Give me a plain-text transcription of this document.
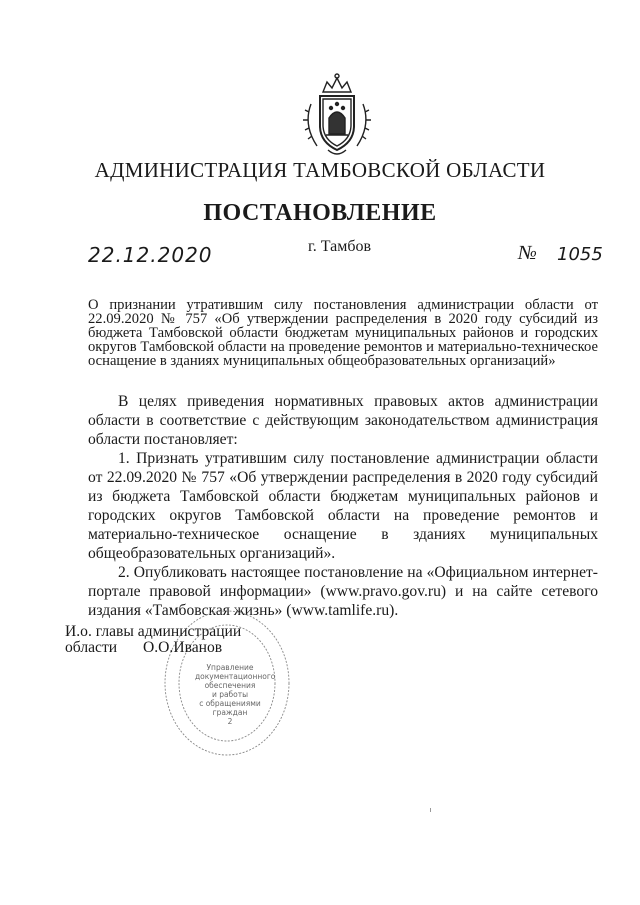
АДМИНИСТРАЦИЯ ТАМБОВСКОЙ ОБЛАСТИ
ПОСТАНОВЛЕНИЕ
22.12.2020	г. Тамбов	№ 1055
О признании утратившим силу постановления администрации области от 22.09.2020 № 757 «Об утверждении распределения в 2020 году субсидий из бюджета Тамбовской области бюджетам муниципальных районов и городских округов Тамбовской области на проведение ремонтов и материально-техническое оснащение в зданиях муниципальных общеобразовательных организаций»

В целях приведения нормативных правовых актов администрации области в соответствие с действующим законодательством администрация области постановляет:

1. Признать утратившим силу постановление администрации области от 22.09.2020 № 757 «Об утверждении распределения в 2020 году субсидий из бюджета Тамбовской области бюджетам муниципальных районов и городских округов Тамбовской области на проведение ремонтов и материально-техническое оснащение в зданиях муниципальных общеобразовательных организаций».

2. Опубликовать настоящее постановление на «Официальном интернет-портале правовой информации» (www.pravo.gov.ru) и на сайте сетевого издания «Тамбовская жизнь» (www.tamlife.ru).

Управление
документационного
обеспечения
и работы
с обращениями
граждан
2
И.о. главы администрации
области О.О.Иванов
